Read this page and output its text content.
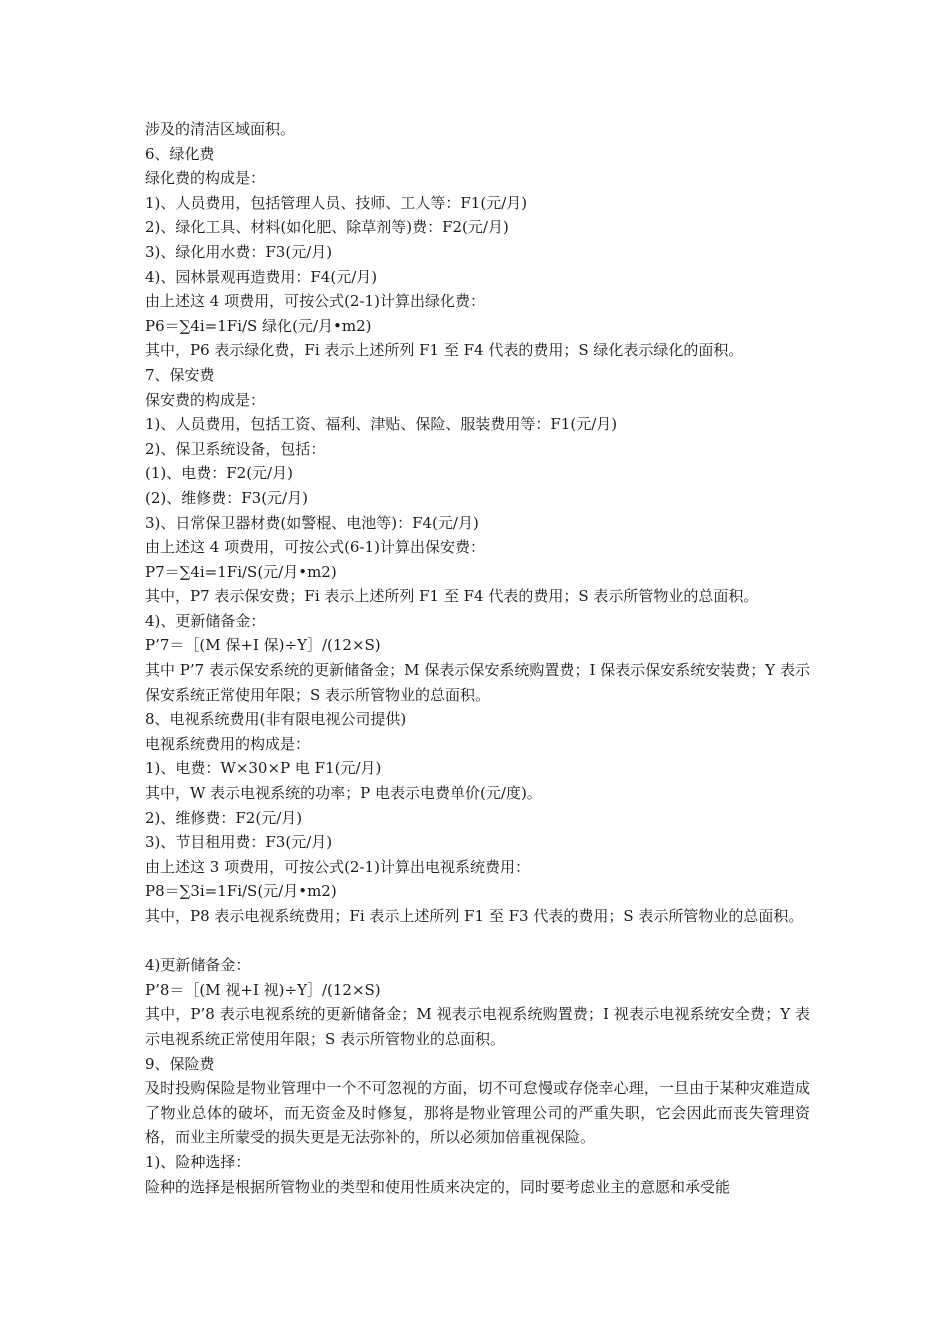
涉及的清洁区域面积。
6、绿化费
绿化费的构成是：
1)、人员费用，包括管理人员、技师、工人等：F1(元/月)
2)、绿化工具、材料(如化肥、除草剂等)费：F2(元/月)
3)、绿化用水费：F3(元/月)
4)、园林景观再造费用：F4(元/月)
由上述这 4 项费用，可按公式(2-1)计算出绿化费：
P6＝∑4i=1Fi/S 绿化(元/月•m2)
其中，P6 表示绿化费，Fi 表示上述所列 F1 至 F4 代表的费用；S 绿化表示绿化的面积。
7、保安费
保安费的构成是：
1)、人员费用，包括工资、福利、津贴、保险、服装费用等：F1(元/月)
2)、保卫系统设备，包括：
(1)、电费：F2(元/月)
(2)、维修费：F3(元/月)
3)、日常保卫器材费(如警棍、电池等)：F4(元/月)
由上述这 4 项费用，可按公式(6-1)计算出保安费：
P7＝∑4i=1Fi/S(元/月•m2)
其中，P7 表示保安费；Fi 表示上述所列 F1 至 F4 代表的费用；S 表示所管物业的总面积。
4)、更新储备金：
P’7＝［(M 保+I 保)÷Y］/(12×S)
其中 P’7 表示保安系统的更新储备金；M 保表示保安系统购置费；I 保表示保安系统安装费；Y 表示保安系统正常使用年限；S 表示所管物业的总面积。
8、电视系统费用(非有限电视公司提供)
电视系统费用的构成是：
1)、电费：W×30×P 电 F1(元/月)
其中，W 表示电视系统的功率；P 电表示电费单价(元/度)。
2)、维修费：F2(元/月)
3)、节目租用费：F3(元/月)
由上述这 3 项费用，可按公式(2-1)计算出电视系统费用：
P8＝∑3i=1Fi/S(元/月•m2)
其中，P8 表示电视系统费用；Fi 表示上述所列 F1 至 F3 代表的费用；S 表示所管物业的总面积。
4)更新储备金：
P’8＝［(M 视+I 视)÷Y］/(12×S)
其中，P’8 表示电视系统的更新储备金；M 视表示电视系统购置费；I 视表示电视系统安全费；Y 表示电视系统正常使用年限；S 表示所管物业的总面积。
9、保险费
及时投购保险是物业管理中一个不可忽视的方面，切不可怠慢或存侥幸心理，一旦由于某种灾难造成了物业总体的破坏，而无资金及时修复，那将是物业管理公司的严重失职，它会因此而丧失管理资格，而业主所蒙受的损失更是无法弥补的，所以必须加倍重视保险。
1)、险种选择：
险种的选择是根据所管物业的类型和使用性质来决定的，同时要考虑业主的意愿和承受能
